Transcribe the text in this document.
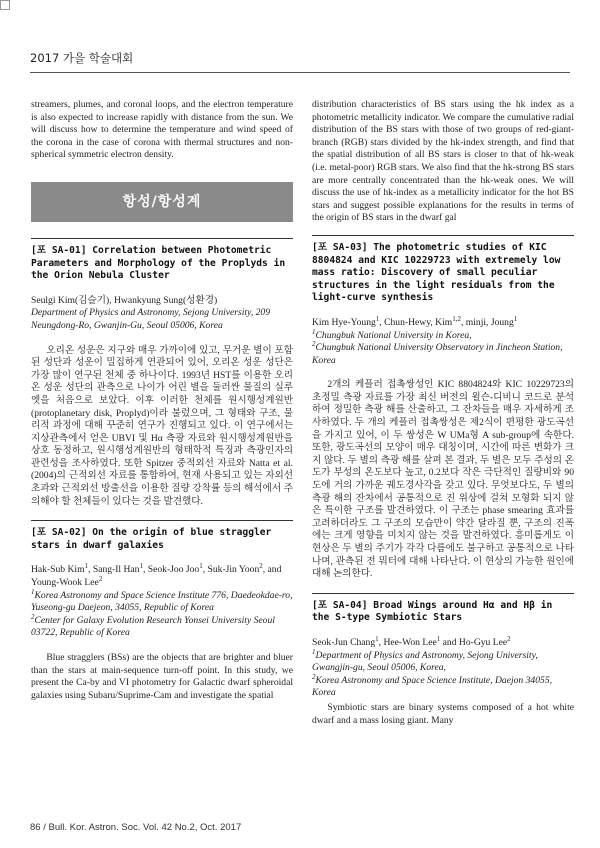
2017 가을 학술대회

streamers, plumes, and coronal loops, and the electron temperature is also expected to increase rapidly with distance from the sun. We will discuss how to determine the temperature and wind speed of the corona in the case of corona with thermal structures and non-spherical symmetric electron density.

항성/항성계
[포 SA-01] Correlation between Photometric Parameters and Morphology of the Proplyds in the Orion Nebula Cluster
Seulgi Kim(김슬기), Hwankyung Sung(성환경)
Department of Physics and Astronomy, Sejong University, 209 Neungdong-Ro, Gwanjin-Gu, Seoul 05006, Korea

오리온 성운은 지구와 매우 가까이에 있고, 무거운 별이 포함된 성단과 성운이 밀집하게 연관되어 있어, 오리온 성운 성단은 가장 많이 연구된 천체 중 하나이다. 1993년 HST를 이용한 오리온 성운 성단의 관측으로 나이가 어린 별을 둘러싼 물질의 실루엣을 처음으로 보았다. 이후 이러한 천체를 원시행성계원반(protoplanetary disk, Proplyd)이라 불렀으며, 그 형태와 구조, 물리적 과정에 대해 꾸준히 연구가 진행되고 있다. 이 연구에서는 지상관측에서 얻은 UBVI 및 Hα 측광 자료와 원시행성계원반을 상호 동정하고, 원시행성계원반의 형태학적 특징과 측광인자의 관련성을 조사하였다. 또한 Spitzer 중적외선 자료와 Natta et al.(2004)의 근적외선 자료를 통합하여, 현재 사용되고 있는 자외선 초과와 근적외선 방출선을 이용한 질량 강착률 등의 해석에서 주의해야 할 천체들이 있다는 것을 발견했다.

[포 SA-02] On the origin of blue straggler stars in dwarf galaxies
Hak-Sub Kim$^1$, Sang-Il Han$^1$, Seok-Joo Joo$^1$, Suk-Jin Yoon$^2$, and Young-Wook Lee$^2$
$^1$Korea Astronomy and Space Science Institute 776, Daedeokdae-ro, Yuseong-gu Daejeon, 34055, Republic of Korea
$^2$Center for Galaxy Evolution Research Yonsei University Seoul 03722, Republic of Korea

Blue stragglers (BSs) are the objects that are brighter and bluer than the stars at main-sequence turn-off point. In this study, we present the Ca-by and VI photometry for Galactic dwarf spheroidal galaxies using Subaru/Suprime-Cam and investigate the spatial

distribution characteristics of BS stars using the hk index as a photometric metallicity indicator. We compare the cumulative radial distribution of the BS stars with those of two groups of red-giant-branch (RGB) stars divided by the hk-index strength, and find that the spatial distribution of all BS stars is closer to that of hk-weak (i.e. metal-poor) RGB stars. We also find that the hk-strong BS stars are more centrally concentrated than the hk-weak ones. We will discuss the use of hk-index as a metallicity indicator for the hot BS stars and suggest possible explanations for the results in terms of the origin of BS stars in the dwarf gal

[포 SA-03] The photometric studies of KIC 8804824 and KIC 10229723 with extremely low mass ratio: Discovery of small peculiar structures in the light residuals from the light-curve synthesis
Kim Hye-Young$^1$, Chun-Hewy, Kim$^{1,2}$, minji, Joung$^1$
$^1$Chungbuk National University in Korea,
$^2$Chungbuk National University Observatory in Jincheon Station, Korea

2개의 케플러 접촉쌍성인 KIC 8804824와 KIC 10229723의 초정밀 측광 자료를 가장 최신 버전의 윌슨-디비니 코드로 분석하여 정밀한 측광 해를 산출하고, 그 잔차들을 매우 자세하게 조사하였다. 두 개의 케플러 접촉쌍성은 제2식이 편평한 광도곡선을 가지고 있어, 이 두 쌍성은 W UMa형 A sub-group에 속한다. 또한, 광도곡선의 모양이 매우 대칭이며, 시간에 따른 변화가 크지 않다. 두 별의 측광 해를 살펴 본 결과, 두 별은 모두 주성의 온도가 부성의 온도보다 높고, 0.2보다 작은 극단적인 질량비와 90도에 거의 가까운 궤도경사각을 갖고 있다. 무엇보다도, 두 별의 측광 해의 잔차에서 공통적으로 진 위상에 걸쳐 모형화 되지 않은 특이한 구조를 발견하였다. 이 구조는 phase smearing 효과를 고려하더라도 그 구조의 모습만이 약간 달라질 뿐, 구조의 진폭에는 크게 영향을 미치지 않는 것을 발견하였다. 흥미롭게도 이 현상은 두 별의 주기가 각각 다름에도 불구하고 공통적으로 나타나며, 관측된 전 뭐터에 대해 나타난다. 이 현상의 가능한 원인에 대해 논의한다.

[포 SA-04] Broad Wings around Hα and Hβ in the S-type Symbiotic Stars
Seok-Jun Chang$^1$, Hee-Won Lee$^1$ and Ho-Gyu Lee$^2$
$^1$Department of Physics and Astronomy, Sejong University, Gwangjin-gu, Seoul 05006, Korea,
$^2$Korea Astronomy and Space Science Institute, Daejon 34055, Korea

Symbiotic stars are binary systems composed of a hot white dwarf and a mass losing giant. Many

86 / Bull. Kor. Astron. Soc. Vol. 42 No.2, Oct. 2017
